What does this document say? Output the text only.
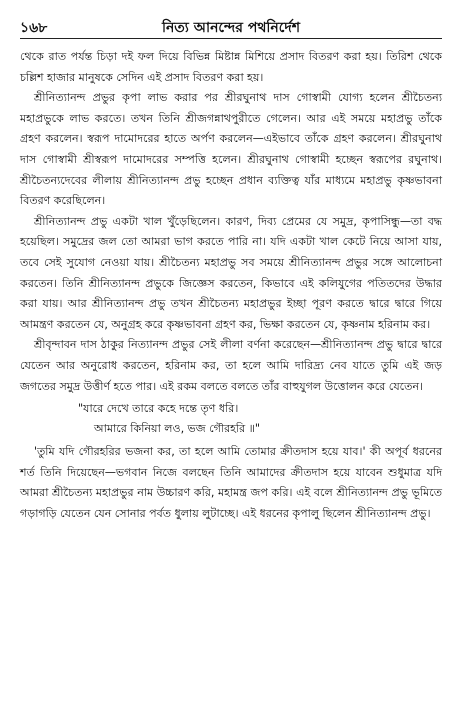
১৬৮	নিত্য আনন্দের পথনির্দেশ

থেকে রাত পর্যন্ত চিড়া দই ফল দিয়ে বিভিন্ন মিষ্টান্ন মিশিয়ে প্রসাদ বিতরণ করা হয়। তিরিশ থেকে চল্লিশ হাজার মানুষকে সেদিন এই প্রসাদ বিতরণ করা হয়।

শ্রীনিত্যানন্দ প্রভুর কৃপা লাভ করার পর শ্রীরঘুনাথ দাস গোস্বামী যোগ্য হলেন শ্রীচৈতন্য মহাপ্রভুকে লাভ করতে। তখন তিনি শ্রীজগন্নাথপুরীতে গেলেন। আর এই সময়ে মহাপ্রভু তাঁকে গ্রহণ করলেন। স্বরূপ দামোদরের হাতে অর্পণ করলেন—এইভাবে তাঁকে গ্রহণ করলেন। শ্রীরঘুনাথ দাস গোস্বামী শ্রীস্বরূপ দামোদরের সম্পত্তি হলেন। শ্রীরঘুনাথ গোস্বামী হচ্ছেন স্বরূপের রঘুনাথ। শ্রীচৈতন্যদেবের লীলায় শ্রীনিত্যানন্দ প্রভু হচ্ছেন প্রধান ব্যক্তিত্ব যাঁর মাধ্যমে মহাপ্রভু কৃষ্ণভাবনা বিতরণ করেছিলেন।

শ্রীনিত্যানন্দ প্রভু একটা খাল খুঁড়েছিলেন। কারণ, দিব্য প্রেমের যে সমুদ্র, কৃপাসিন্ধু—তা বদ্ধ হয়েছিল। সমুদ্রের জল তো আমরা ভাগ করতে পারি না। যদি একটা খাল কেটে নিয়ে আসা যায়, তবে সেই সুযোগ নেওয়া যায়। শ্রীচৈতন্য মহাপ্রভু সব সময়ে শ্রীনিত্যানন্দ প্রভুর সঙ্গে আলোচনা করতেন। তিনি শ্রীনিত্যানন্দ প্রভুকে জিজ্ঞেস করতেন, কিভাবে এই কলিযুগের পতিতদের উদ্ধার করা যায়। আর শ্রীনিত্যানন্দ প্রভু তখন শ্রীচৈতন্য মহাপ্রভুর ইচ্ছা পূরণ করতে দ্বারে দ্বারে গিয়ে আমন্ত্রণ করতেন যে, অনুগ্রহ করে কৃষ্ণভাবনা গ্রহণ কর, ভিক্ষা করতেন যে, কৃষ্ণনাম হরিনাম কর।

শ্রীবৃন্দাবন দাস ঠাকুর নিত্যানন্দ প্রভুর সেই লীলা বর্ণনা করেছেন—শ্রীনিত্যানন্দ প্রভু দ্বারে দ্বারে যেতেন আর অনুরোধ করতেন, হরিনাম কর, তা হলে আমি দারিদ্র্য নেব যাতে তুমি এই জড় জগতের সমুদ্র উত্তীর্ণ হতে পার। এই রকম বলতে বলতে তাঁর বাহুযুগল উত্তোলন করে যেতেন।

"যারে দেখে তারে কহে দন্তে তৃণ ধরি।
আমারে কিনিয়া লও, ভজ গৌরহরি ॥"

'তুমি যদি গৌরহরির ভজনা কর, তা হলে আমি তোমার ক্রীতদাস হয়ে যাব।' কী অপূর্ব ধরনের শর্ত তিনি দিয়েছেন—ভগবান নিজে বলছেন তিনি আমাদের ক্রীতদাস হয়ে যাবেন শুধুমাত্র যদি আমরা শ্রীচৈতন্য মহাপ্রভুর নাম উচ্চারণ করি, মহামন্ত্র জপ করি। এই বলে শ্রীনিত্যানন্দ প্রভু ভূমিতে গড়াগড়ি যেতেন যেন সোনার পর্বত ধুলায় লুটাচ্ছে। এই ধরনের কৃপালু ছিলেন শ্রীনিত্যানন্দ প্রভু।
